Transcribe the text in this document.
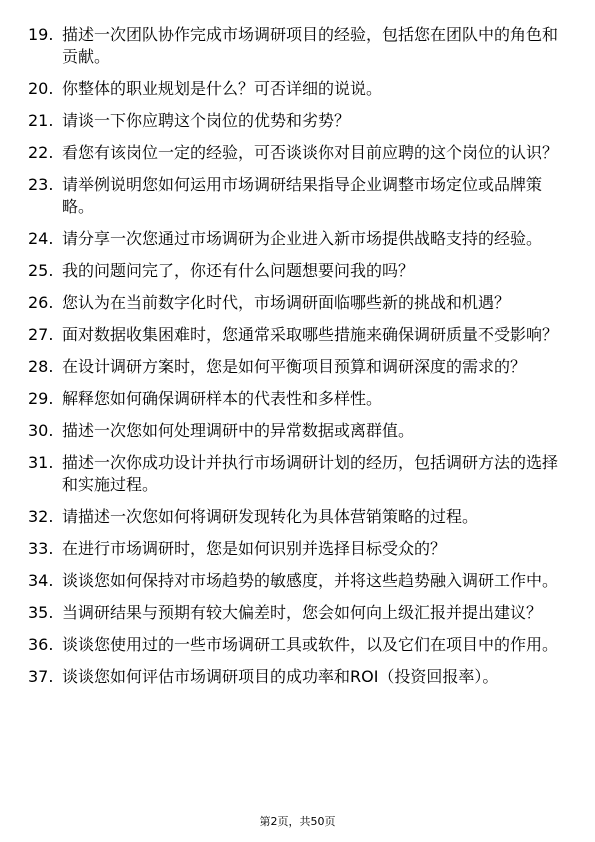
19. 描述一次团队协作完成市场调研项目的经验，包括您在团队中的角色和贡献。
20. 你整体的职业规划是什么？可否详细的说说。
21. 请谈一下你应聘这个岗位的优势和劣势？
22. 看您有该岗位一定的经验，可否谈谈你对目前应聘的这个岗位的认识？
23. 请举例说明您如何运用市场调研结果指导企业调整市场定位或品牌策略。
24. 请分享一次您通过市场调研为企业进入新市场提供战略支持的经验。
25. 我的问题问完了，你还有什么问题想要问我的吗？
26. 您认为在当前数字化时代，市场调研面临哪些新的挑战和机遇？
27. 面对数据收集困难时，您通常采取哪些措施来确保调研质量不受影响？
28. 在设计调研方案时，您是如何平衡项目预算和调研深度的需求的？
29. 解释您如何确保调研样本的代表性和多样性。
30. 描述一次您如何处理调研中的异常数据或离群值。
31. 描述一次你成功设计并执行市场调研计划的经历，包括调研方法的选择和实施过程。
32. 请描述一次您如何将调研发现转化为具体营销策略的过程。
33. 在进行市场调研时，您是如何识别并选择目标受众的？
34. 谈谈您如何保持对市场趋势的敏感度，并将这些趋势融入调研工作中。
35. 当调研结果与预期有较大偏差时，您会如何向上级汇报并提出建议？
36. 谈谈您使用过的一些市场调研工具或软件，以及它们在项目中的作用。
37. 谈谈您如何评估市场调研项目的成功率和ROI（投资回报率）。
第2页，共50页
